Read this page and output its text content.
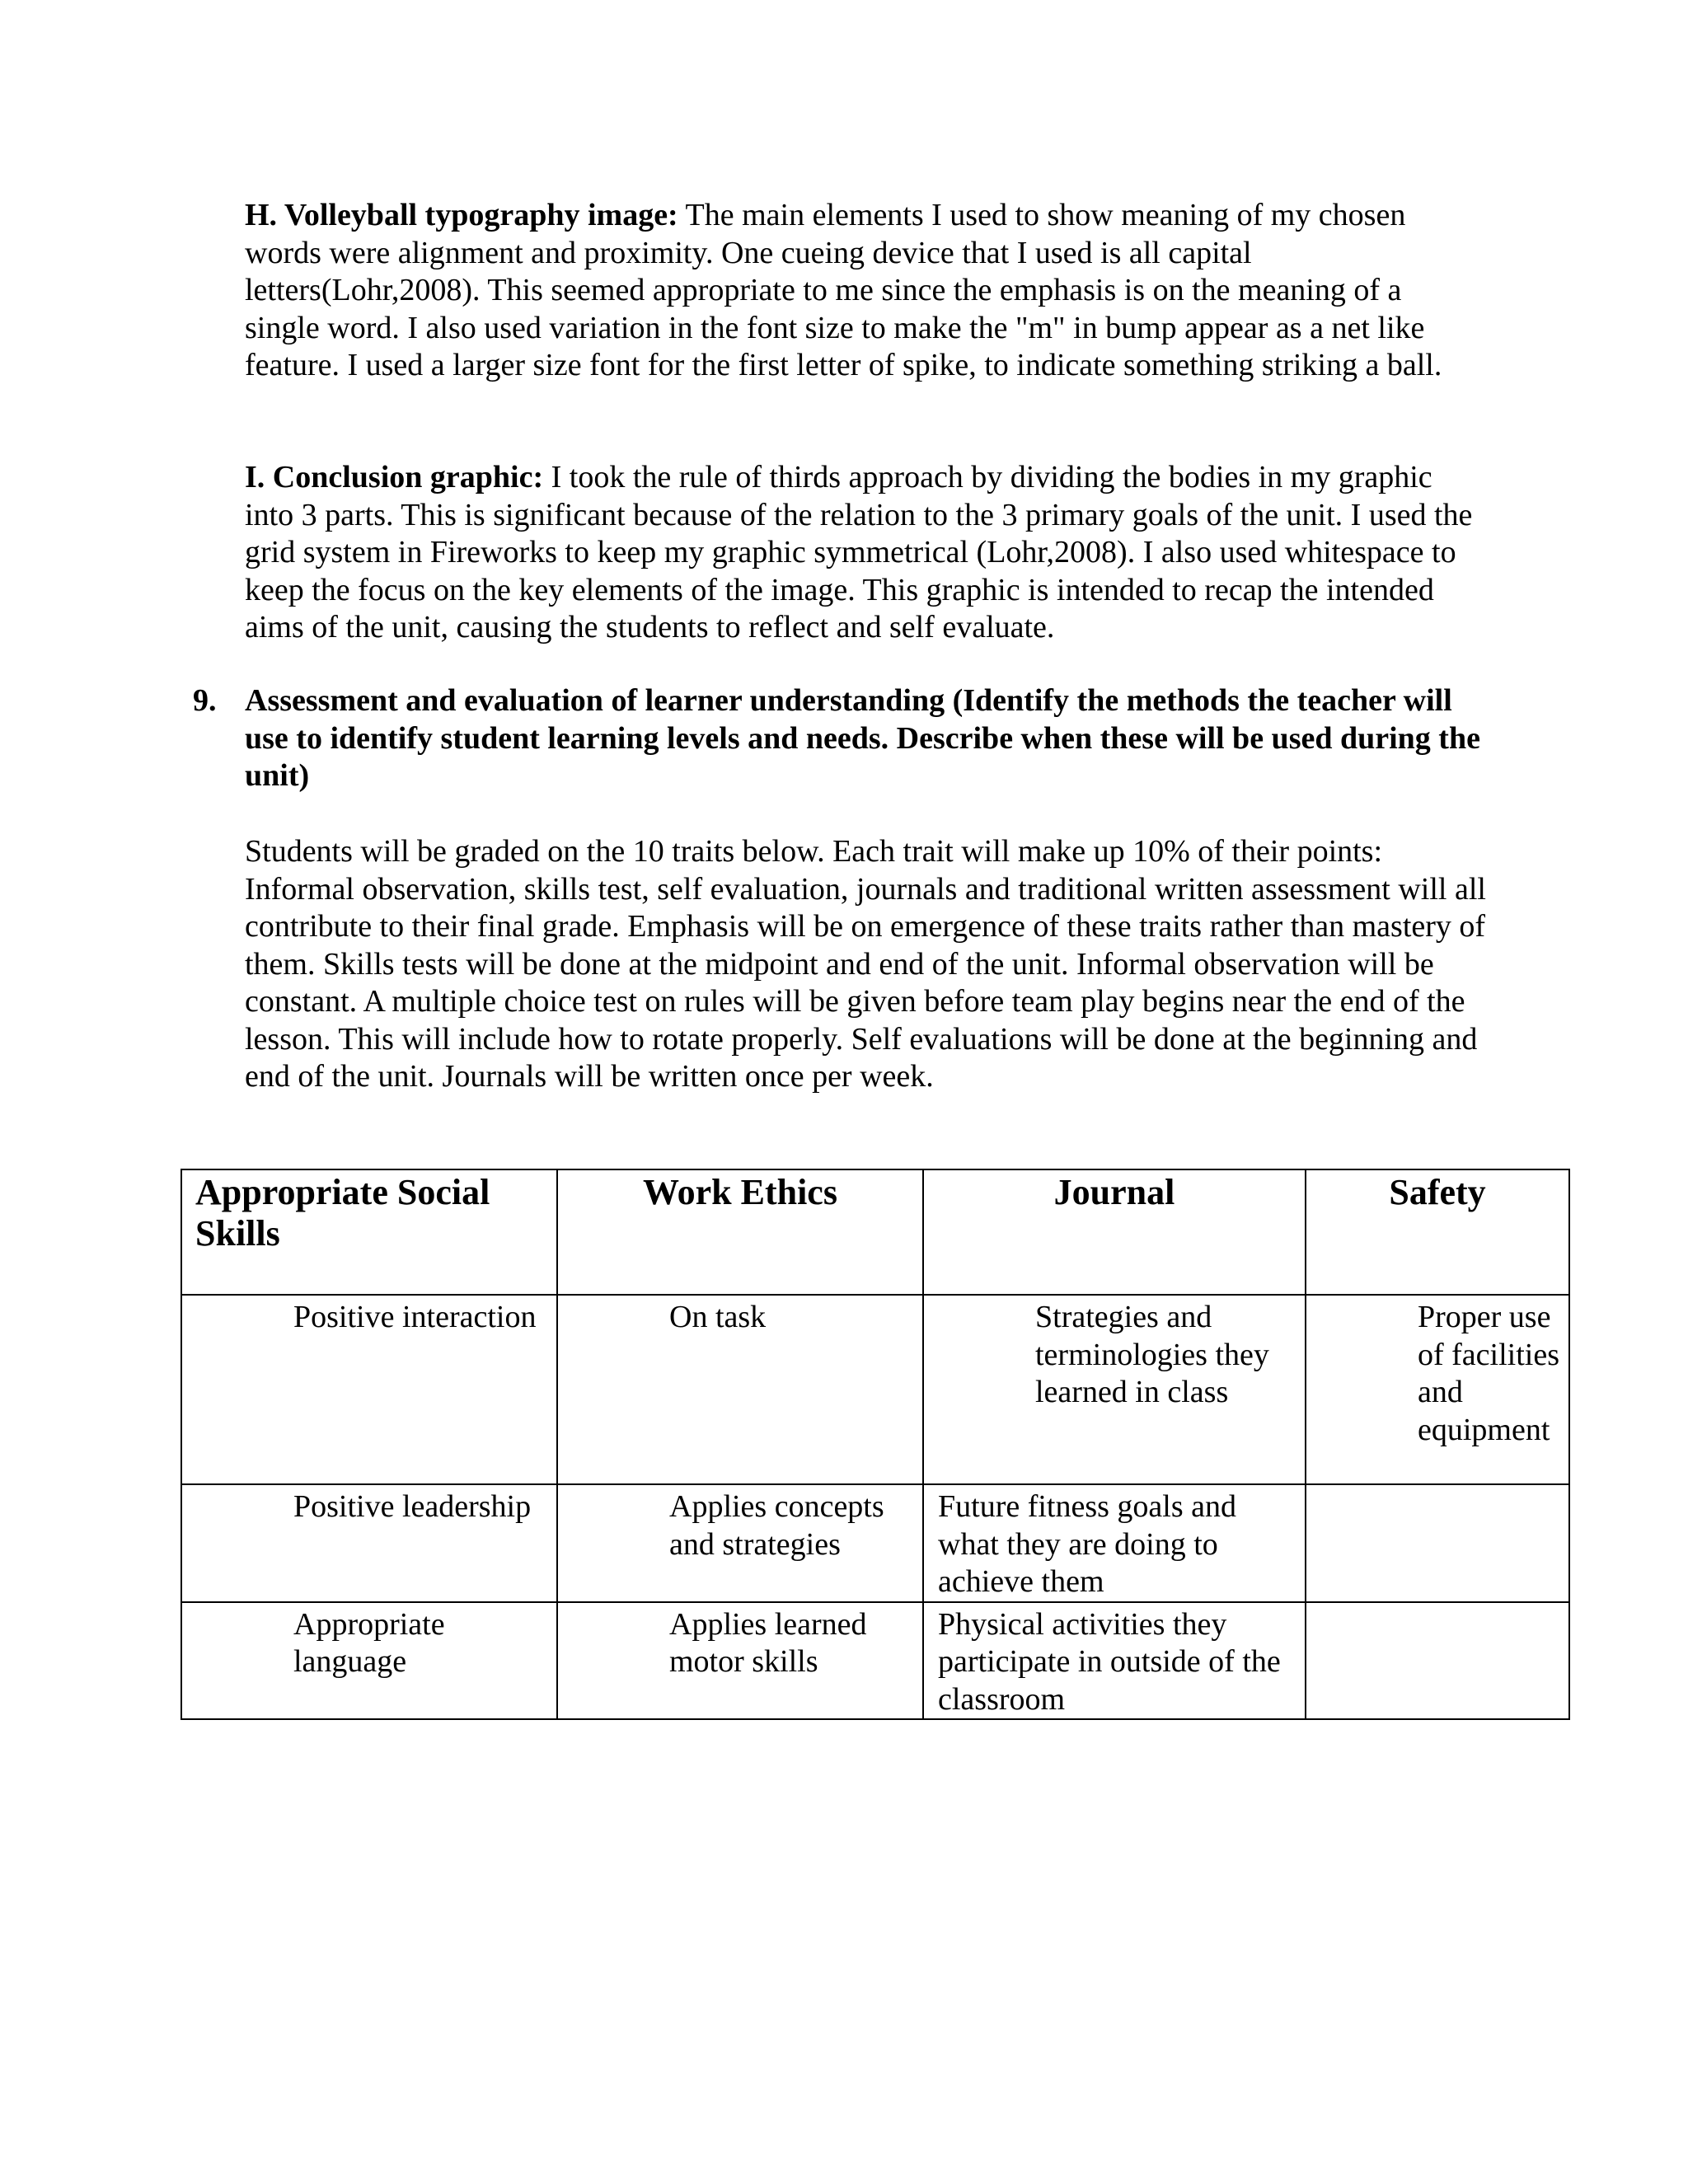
H. Volleyball typography image: The main elements I used to show meaning of my chosen words were alignment and proximity. One cueing device that I used is all capital letters(Lohr,2008). This seemed appropriate to me since the emphasis is on the meaning of a single word. I also used variation in the font size to make the "m" in bump appear as a net like feature. I used a larger size font for the first letter of spike, to indicate something striking a ball.

I. Conclusion graphic: I took the rule of thirds approach by dividing the bodies in my graphic into 3 parts. This is significant because of the relation to the 3 primary goals of the unit. I used the grid system in Fireworks to keep my graphic symmetrical (Lohr,2008). I also used whitespace to keep the focus on the key elements of the image. This graphic is intended to recap the intended aims of the unit, causing the students to reflect and self evaluate.

9. Assessment and evaluation of learner understanding (Identify the methods the teacher will use to identify student learning levels and needs. Describe when these will be used during the unit)

Students will be graded on the 10 traits below. Each trait will make up 10% of their points: Informal observation, skills test, self evaluation, journals and traditional written assessment will all contribute to their final grade. Emphasis will be on emergence of these traits rather than mastery of them. Skills tests will be done at the midpoint and end of the unit. Informal observation will be constant. A multiple choice test on rules will be given before team play begins near the end of the lesson. This will include how to rotate properly. Self evaluations will be done at the beginning and end of the unit. Journals will be written once per week.

Appropriate Social Skills	Work Ethics	Journal	Safety

Positive interaction	On task	Strategies and terminologies they learned in class	Proper use of facilities and equipment

Positive leadership	Applies concepts and strategies	Future fitness goals and what they are doing to achieve them	

Appropriate language	Applies learned motor skills	Physical activities they participate in outside of the classroom	
